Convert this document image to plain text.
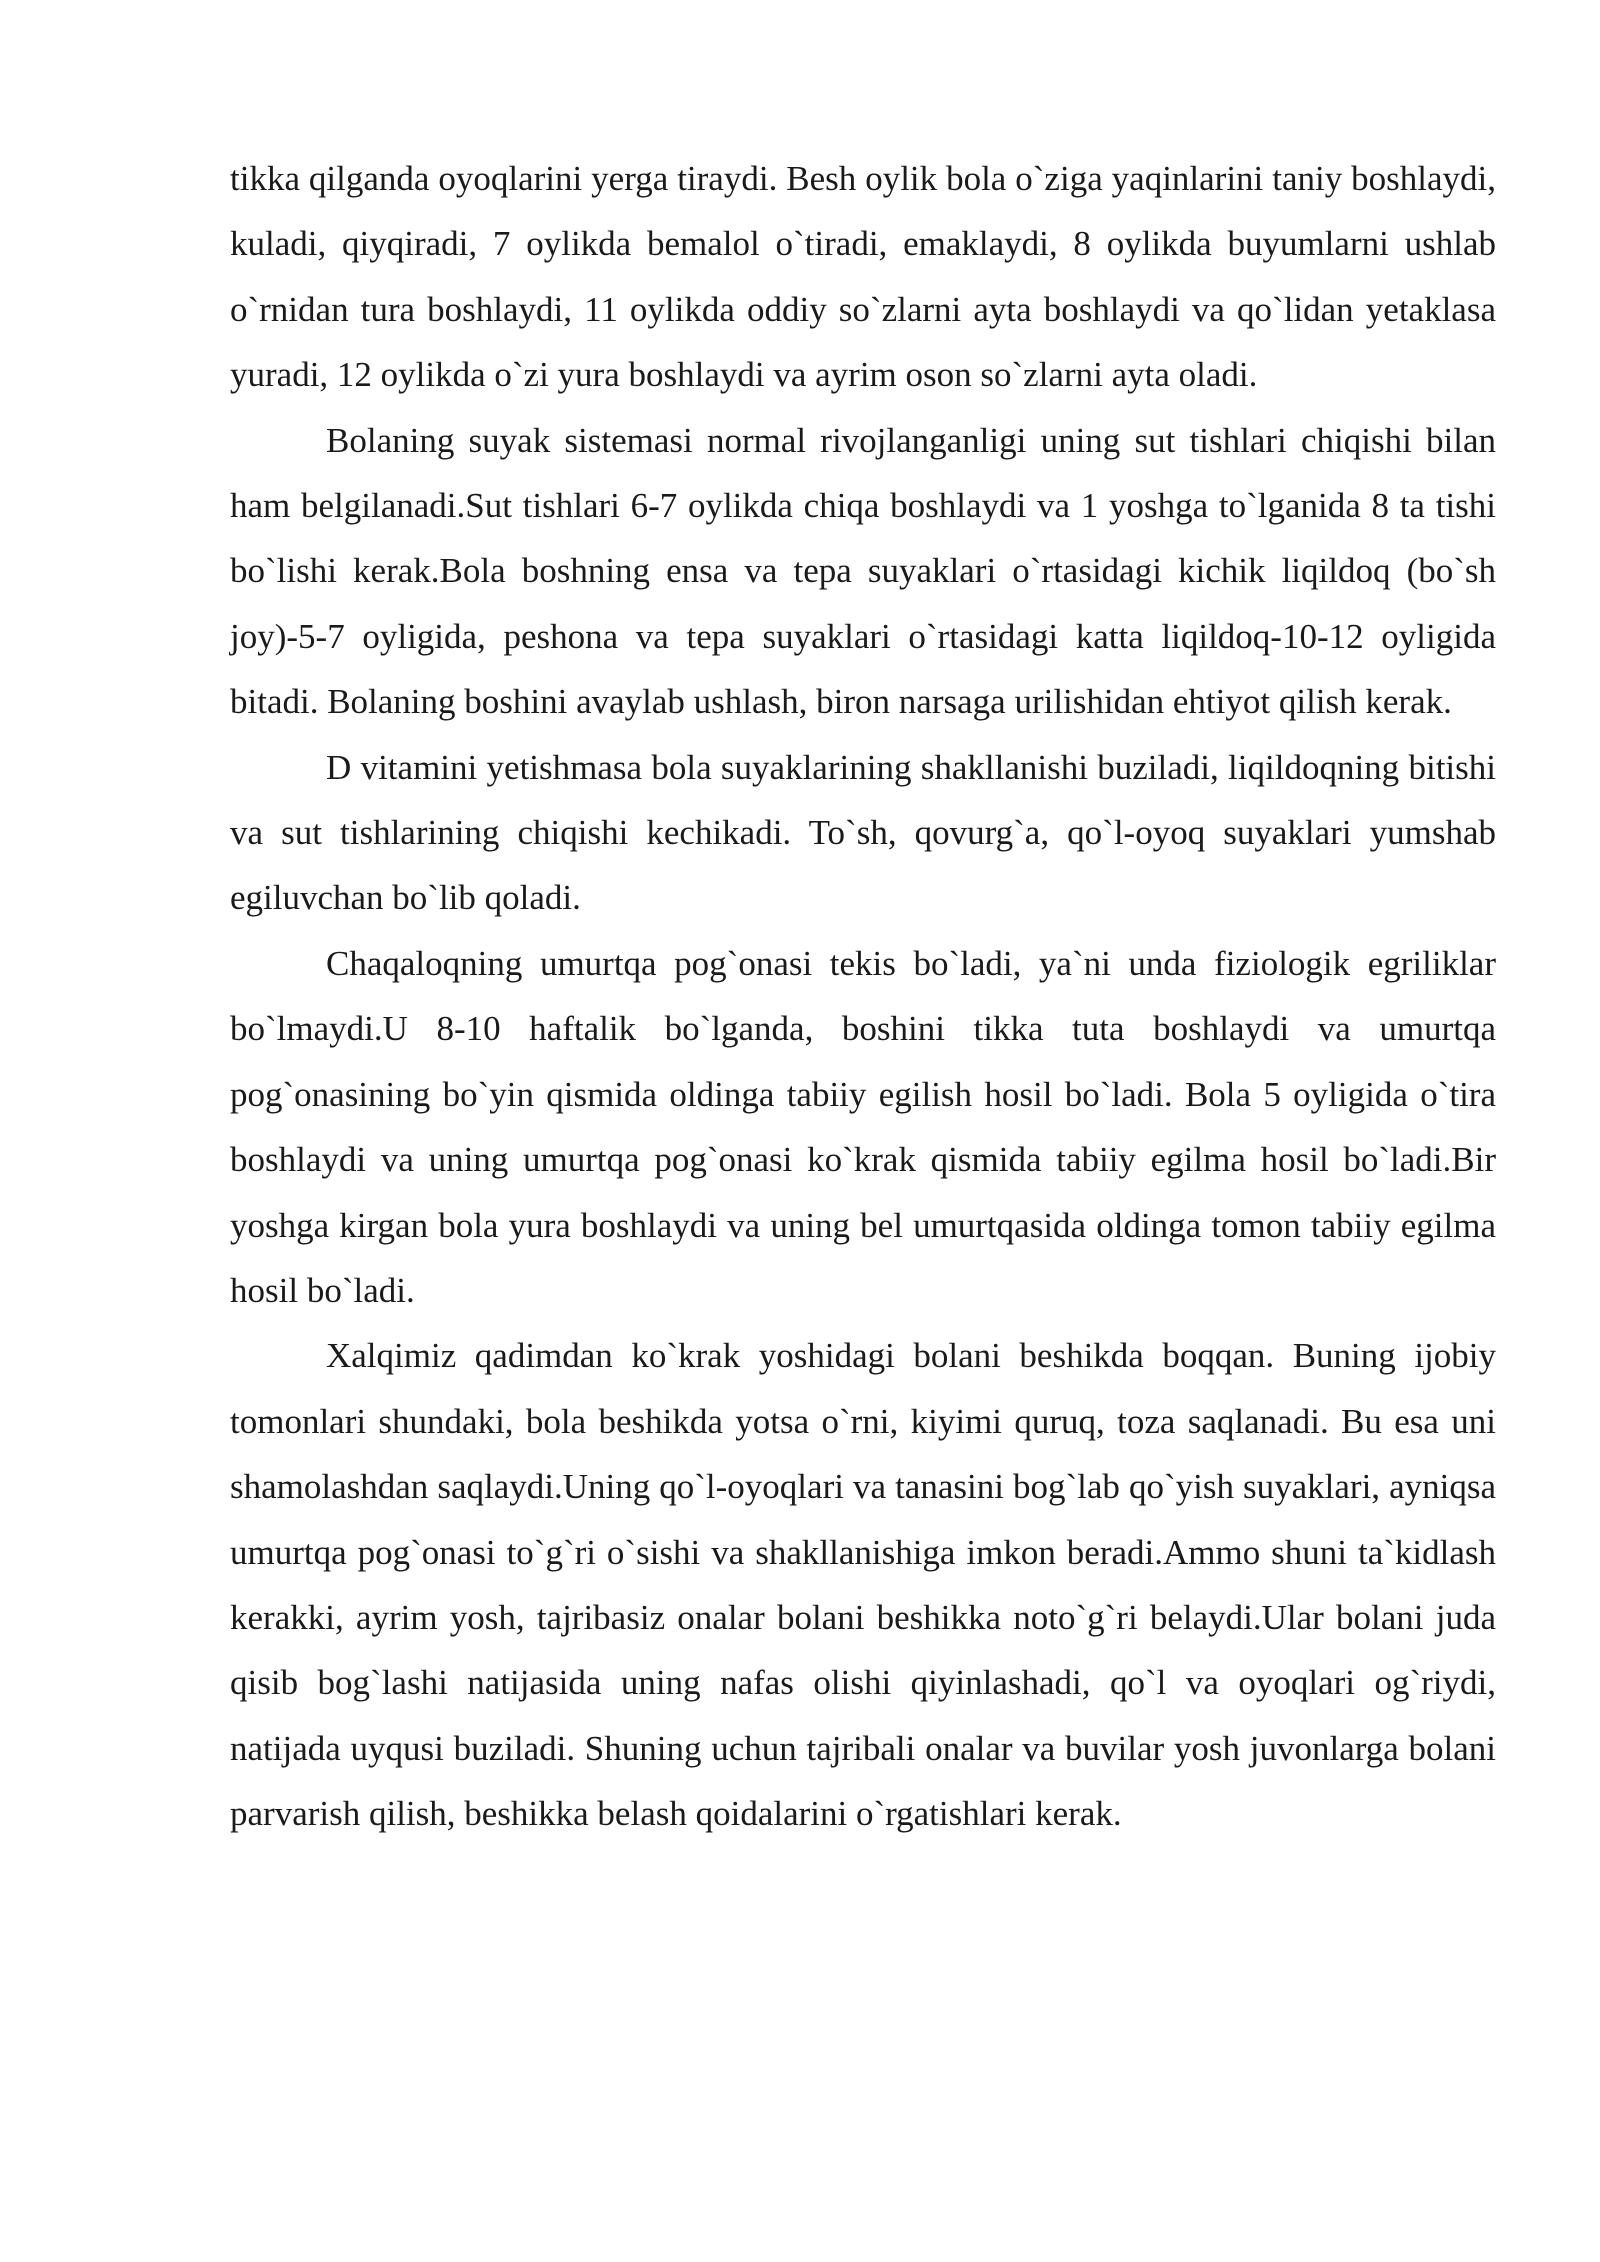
tikka qilganda oyoqlarini yerga tiraydi. Besh oylik bola o`ziga yaqinlarini taniy boshlaydi, kuladi, qiyqiradi, 7 oylikda bemalol o`tiradi, emaklaydi, 8 oylikda buyumlarni ushlab o`rnidan tura boshlaydi, 11 oylikda oddiy so`zlarni ayta boshlaydi va qo`lidan yetaklasa yuradi, 12 oylikda o`zi yura boshlaydi va ayrim oson so`zlarni ayta oladi.

Bolaning suyak sistemasi normal rivojlanganligi uning sut tishlari chiqishi bilan ham belgilanadi.Sut tishlari 6-7 oylikda chiqa boshlaydi va 1 yoshga to`lganida 8 ta tishi bo`lishi kerak.Bola boshning ensa va tepa suyaklari o`rtasidagi kichik liqildoq (bo`sh joy)-5-7 oyligida, peshona va tepa suyaklari o`rtasidagi katta liqildoq-10-12 oyligida bitadi. Bolaning boshini avaylab ushlash, biron narsaga urilishidan ehtiyot qilish kerak.

D vitamini yetishmasa bola suyaklarining shakllanishi buziladi, liqildoqning bitishi va sut tishlarining chiqishi kechikadi. To`sh, qovurg`a, qo`l-oyoq suyaklari yumshab egiluvchan bo`lib qoladi.

Chaqaloqning umurtqa pog`onasi tekis bo`ladi, ya`ni unda fiziologik egriliklar bo`lmaydi.U 8-10 haftalik bo`lganda, boshini tikka tuta boshlaydi va umurtqa pog`onasining bo`yin qismida oldinga tabiiy egilish hosil bo`ladi. Bola 5 oyligida o`tira boshlaydi va uning umurtqa pog`onasi ko`krak qismida tabiiy egilma hosil bo`ladi.Bir yoshga kirgan bola yura boshlaydi va uning bel umurtqasida oldinga tomon tabiiy egilma hosil bo`ladi.

Xalqimiz qadimdan ko`krak yoshidagi bolani beshikda boqqan. Buning ijobiy tomonlari shundaki, bola beshikda yotsa o`rni, kiyimi quruq, toza saqlanadi. Bu esa uni shamolashdan saqlaydi.Uning qo`l-oyoqlari va tanasini bog`lab qo`yish suyaklari, ayniqsa umurtqa pog`onasi to`g`ri o`sishi va shakllanishiga imkon beradi.Ammo shuni ta`kidlash kerakki, ayrim yosh, tajribasiz onalar bolani beshikka noto`g`ri belaydi.Ular bolani juda qisib bog`lashi natijasida uning nafas olishi qiyinlashadi, qo`l va oyoqlari og`riydi, natijada uyqusi buziladi. Shuning uchun tajribali onalar va buvilar yosh juvonlarga bolani parvarish qilish, beshikka belash qoidalarini o`rgatishlari kerak.
